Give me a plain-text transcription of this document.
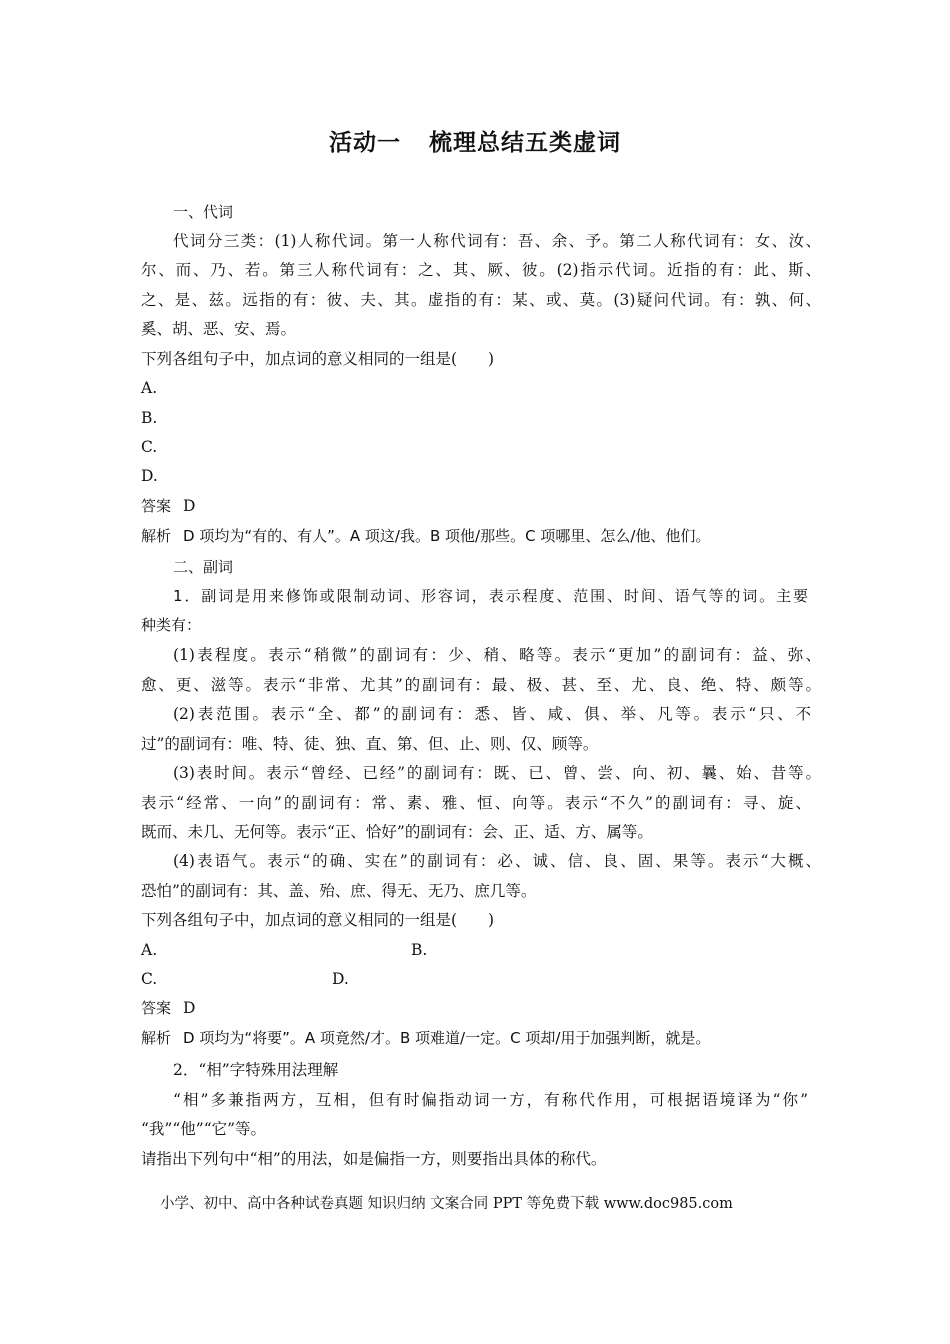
活动一 梳理总结五类虚词
一、代词
代词分三类：(1)人称代词。第一人称代词有：吾、余、予。第二人称代词有：女、汝、
尔、而、乃、若。第三人称代词有：之、其、厥、彼。(2)指示代词。近指的有：此、斯、
之、是、兹。远指的有：彼、夫、其。虚指的有：某、或、莫。(3)疑问代词。有：孰、何、
奚、胡、恶、安、焉。
下列各组句子中，加点词的意义相同的一组是(　　)
A.
B.
C.
D.
答案 D
解析 D 项均为“有的、有人”。A 项这/我。B 项他/那些。C 项哪里、怎么/他、他们。
二、副词
1．副词是用来修饰或限制动词、形容词，表示程度、范围、时间、语气等的词。主要
种类有：
(1)表程度。表示“稍微”的副词有：少、稍、略等。表示“更加”的副词有：益、弥、
愈、更、滋等。表示“非常、尤其”的副词有：最、极、甚、至、尤、良、绝、特、颇等。
(2)表范围。表示“全、都”的副词有：悉、皆、咸、俱、举、凡等。表示“只、不
过”的副词有：唯、特、徒、独、直、第、但、止、则、仅、顾等。
(3)表时间。表示“曾经、已经”的副词有：既、已、曾、尝、向、初、曩、始、昔等。
表示“经常、一向”的副词有：常、素、雅、恒、向等。表示“不久”的副词有：寻、旋、
既而、未几、无何等。表示“正、恰好”的副词有：会、正、适、方、属等。
(4)表语气。表示“的确、实在”的副词有：必、诚、信、良、固、果等。表示“大概、
恐怕”的副词有：其、盖、殆、庶、得无、无乃、庶几等。
下列各组句子中，加点词的意义相同的一组是(　　)
A.	B.
C.	D.
答案 D
解析 D 项均为“将要”。A 项竟然/才。B 项难道/一定。C 项却/用于加强判断，就是。
2．“相”字特殊用法理解
“相”多兼指两方，互相，但有时偏指动词一方，有称代作用，可根据语境译为“你”
“我”“他”“它”等。
请指出下列句中“相”的用法，如是偏指一方，则要指出具体的称代。
小学、初中、高中各种试卷真题 知识归纳 文案合同 PPT 等免费下载 www.doc985.com
